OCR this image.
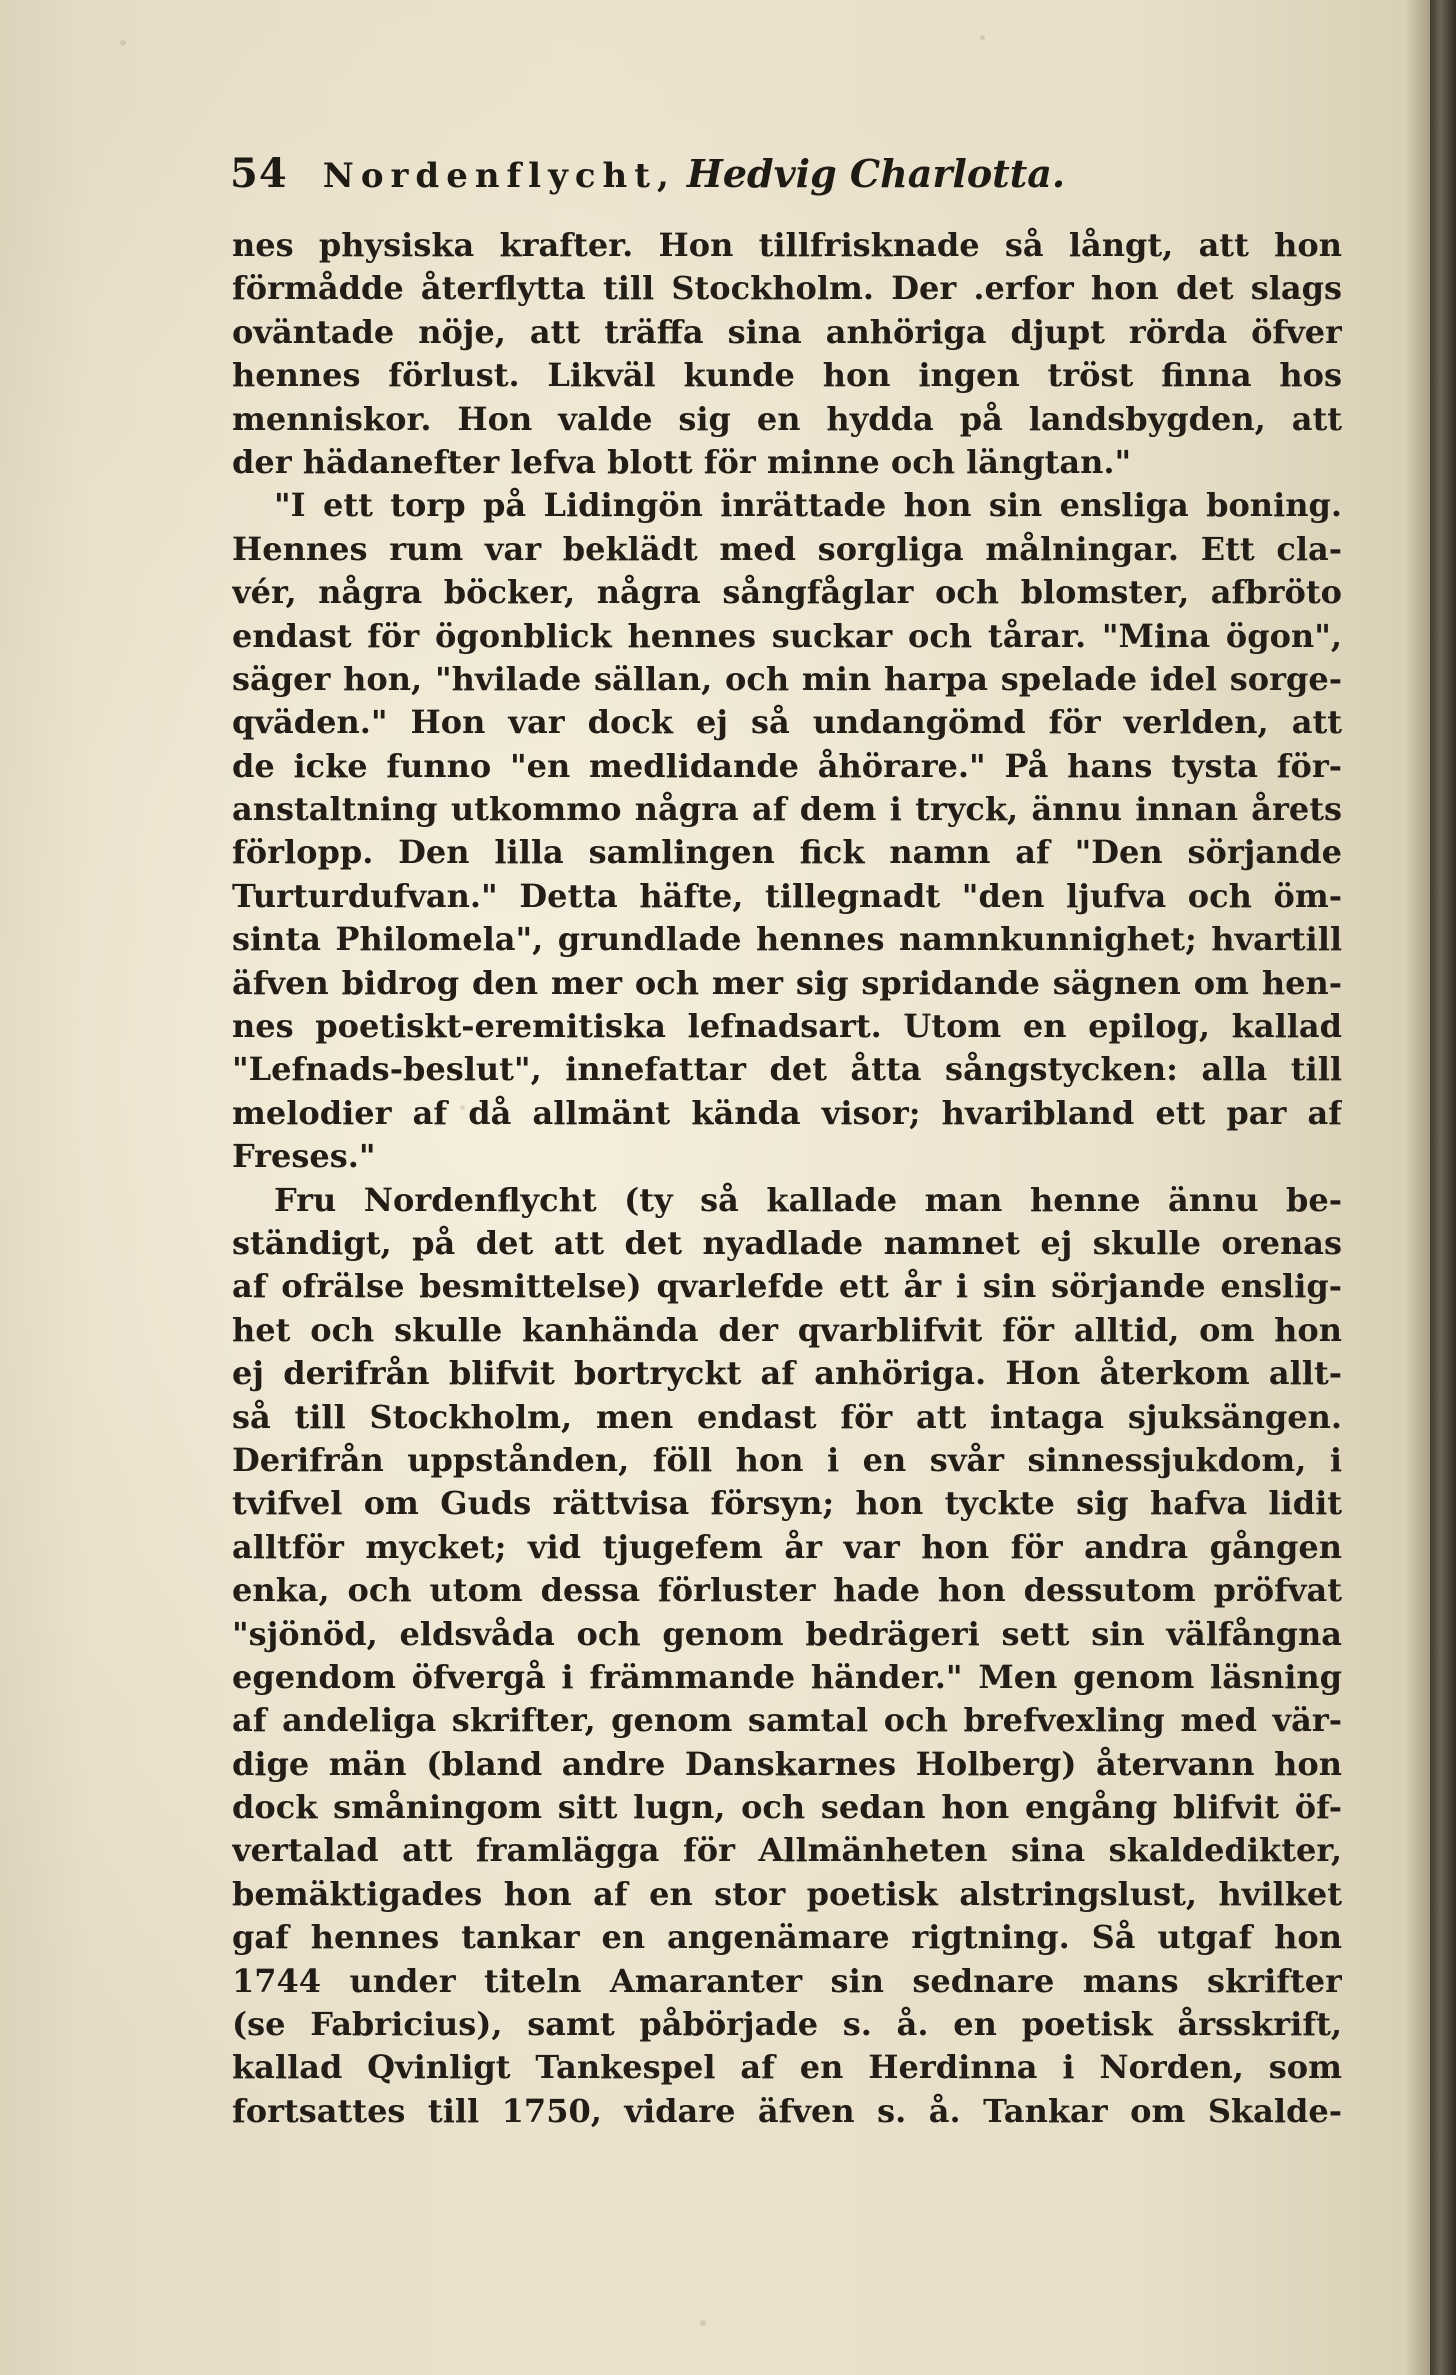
54 Nordenflycht, Hedvig Charlotta.
nes physiska krafter. Hon tillfrisknade så långt, att hon
förmådde återflytta till Stockholm. Der .erfor hon det slags
oväntade nöje, att träffa sina anhöriga djupt rörda öfver
hennes förlust. Likväl kunde hon ingen tröst finna hos
menniskor. Hon valde sig en hydda på landsbygden, att
der hädanefter lefva blott för minne och längtan."
"I ett torp på Lidingön inrättade hon sin ensliga boning.
Hennes rum var beklädt med sorgliga målningar. Ett cla-
vér, några böcker, några sångfåglar och blomster, afbröto
endast för ögonblick hennes suckar och tårar. "Mina ögon",
säger hon, "hvilade sällan, och min harpa spelade idel sorge-
qväden." Hon var dock ej så undangömd för verlden, att
de icke funno "en medlidande åhörare." På hans tysta för-
anstaltning utkommo några af dem i tryck, ännu innan årets
förlopp. Den lilla samlingen fick namn af "Den sörjande
Turturdufvan." Detta häfte, tillegnadt "den ljufva och öm-
sinta Philomela", grundlade hennes namnkunnighet; hvartill
äfven bidrog den mer och mer sig spridande sägnen om hen-
nes poetiskt-eremitiska lefnadsart. Utom en epilog, kallad
"Lefnads-beslut", innefattar det åtta sångstycken: alla till
melodier af då allmänt kända visor; hvaribland ett par af
Freses."
Fru Nordenflycht (ty så kallade man henne ännu be-
ständigt, på det att det nyadlade namnet ej skulle orenas
af ofrälse besmittelse) qvarlefde ett år i sin sörjande enslig-
het och skulle kanhända der qvarblifvit för alltid, om hon
ej derifrån blifvit bortryckt af anhöriga. Hon återkom allt-
så till Stockholm, men endast för att intaga sjuksängen.
Derifrån uppstånden, föll hon i en svår sinnessjukdom, i
tvifvel om Guds rättvisa försyn; hon tyckte sig hafva lidit
alltför mycket; vid tjugefem år var hon för andra gången
enka, och utom dessa förluster hade hon dessutom pröfvat
"sjönöd, eldsvåda och genom bedrägeri sett sin välfångna
egendom öfvergå i främmande händer." Men genom läsning
af andeliga skrifter, genom samtal och brefvexling med vär-
dige män (bland andre Danskarnes Holberg) återvann hon
dock småningom sitt lugn, och sedan hon engång blifvit öf-
vertalad att framlägga för Allmänheten sina skaldedikter,
bemäktigades hon af en stor poetisk alstringslust, hvilket
gaf hennes tankar en angenämare rigtning. Så utgaf hon
1744 under titeln Amaranter sin sednare mans skrifter
(se Fabricius), samt påbörjade s. å. en poetisk årsskrift,
kallad Qvinligt Tankespel af en Herdinna i Norden, som
fortsattes till 1750, vidare äfven s. å. Tankar om Skalde-
